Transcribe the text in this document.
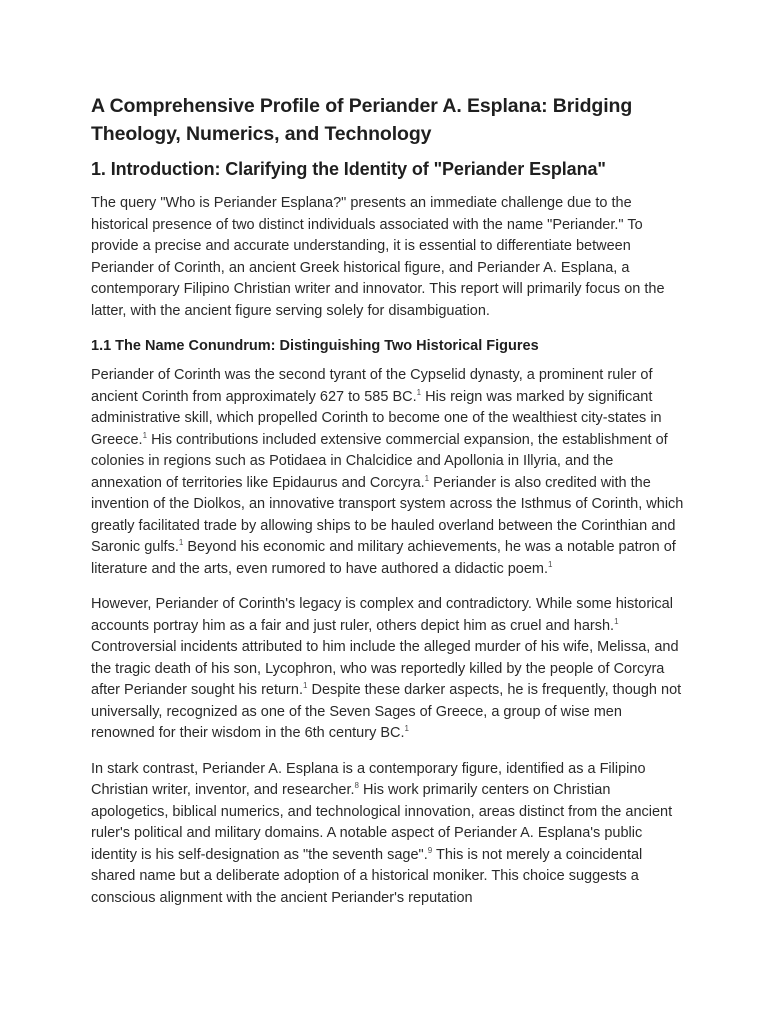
A Comprehensive Profile of Periander A. Esplana: Bridging Theology, Numerics, and Technology
1. Introduction: Clarifying the Identity of "Periander Esplana"

The query "Who is Periander Esplana?" presents an immediate challenge due to the historical presence of two distinct individuals associated with the name "Periander." To provide a precise and accurate understanding, it is essential to differentiate between Periander of Corinth, an ancient Greek historical figure, and Periander A. Esplana, a contemporary Filipino Christian writer and innovator. This report will primarily focus on the latter, with the ancient figure serving solely for disambiguation.

1.1 The Name Conundrum: Distinguishing Two Historical Figures

Periander of Corinth was the second tyrant of the Cypselid dynasty, a prominent ruler of ancient Corinth from approximately 627 to 585 BC.$^1$ His reign was marked by significant administrative skill, which propelled Corinth to become one of the wealthiest city-states in Greece.$^1$ His contributions included extensive commercial expansion, the establishment of colonies in regions such as Potidaea in Chalcidice and Apollonia in Illyria, and the annexation of territories like Epidaurus and Corcyra.$^1$ Periander is also credited with the invention of the Diolkos, an innovative transport system across the Isthmus of Corinth, which greatly facilitated trade by allowing ships to be hauled overland between the Corinthian and Saronic gulfs.$^1$ Beyond his economic and military achievements, he was a notable patron of literature and the arts, even rumored to have authored a didactic poem.$^1$

However, Periander of Corinth's legacy is complex and contradictory. While some historical accounts portray him as a fair and just ruler, others depict him as cruel and harsh.$^1$ Controversial incidents attributed to him include the alleged murder of his wife, Melissa, and the tragic death of his son, Lycophron, who was reportedly killed by the people of Corcyra after Periander sought his return.$^1$ Despite these darker aspects, he is frequently, though not universally, recognized as one of the Seven Sages of Greece, a group of wise men renowned for their wisdom in the 6th century BC.$^1$

In stark contrast, Periander A. Esplana is a contemporary figure, identified as a Filipino Christian writer, inventor, and researcher.$^8$ His work primarily centers on Christian apologetics, biblical numerics, and technological innovation, areas distinct from the ancient ruler's political and military domains. A notable aspect of Periander A. Esplana's public identity is his self-designation as "the seventh sage".$^9$ This is not merely a coincidental shared name but a deliberate adoption of a historical moniker. This choice suggests a conscious alignment with the ancient Periander's reputation
